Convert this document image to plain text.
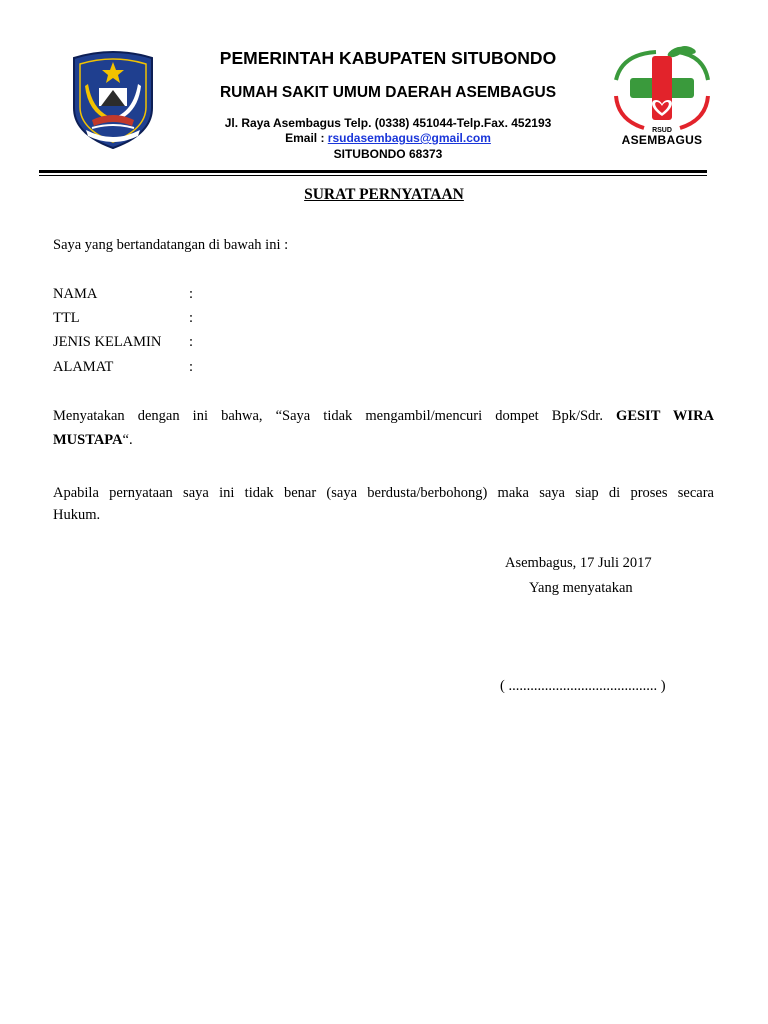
PEMERINTAH KABUPATEN SITUBONDO
RUMAH SAKIT UMUM DAERAH ASEMBAGUS
Jl. Raya Asembagus Telp. (0338) 451044-Telp.Fax. 452193
Email : rsudasembagus@gmail.com
SITUBONDO 68373
RSUD
ASEMBAGUS
SURAT PERNYATAAN
Saya yang bertandatangan di bawah ini :
NAMA	:
TTL	:
JENIS KELAMIN :
ALAMAT	:
Menyatakan dengan ini bahwa, “Saya tidak mengambil/mencuri dompet Bpk/Sdr. GESIT WIRA
MUSTAPA“.
Apabila pernyataan saya ini tidak benar (saya berdusta/berbohong) maka saya siap di proses secara
Hukum.
Asembagus, 17 Juli 2017
Yang menyatakan
( ......................................... )
